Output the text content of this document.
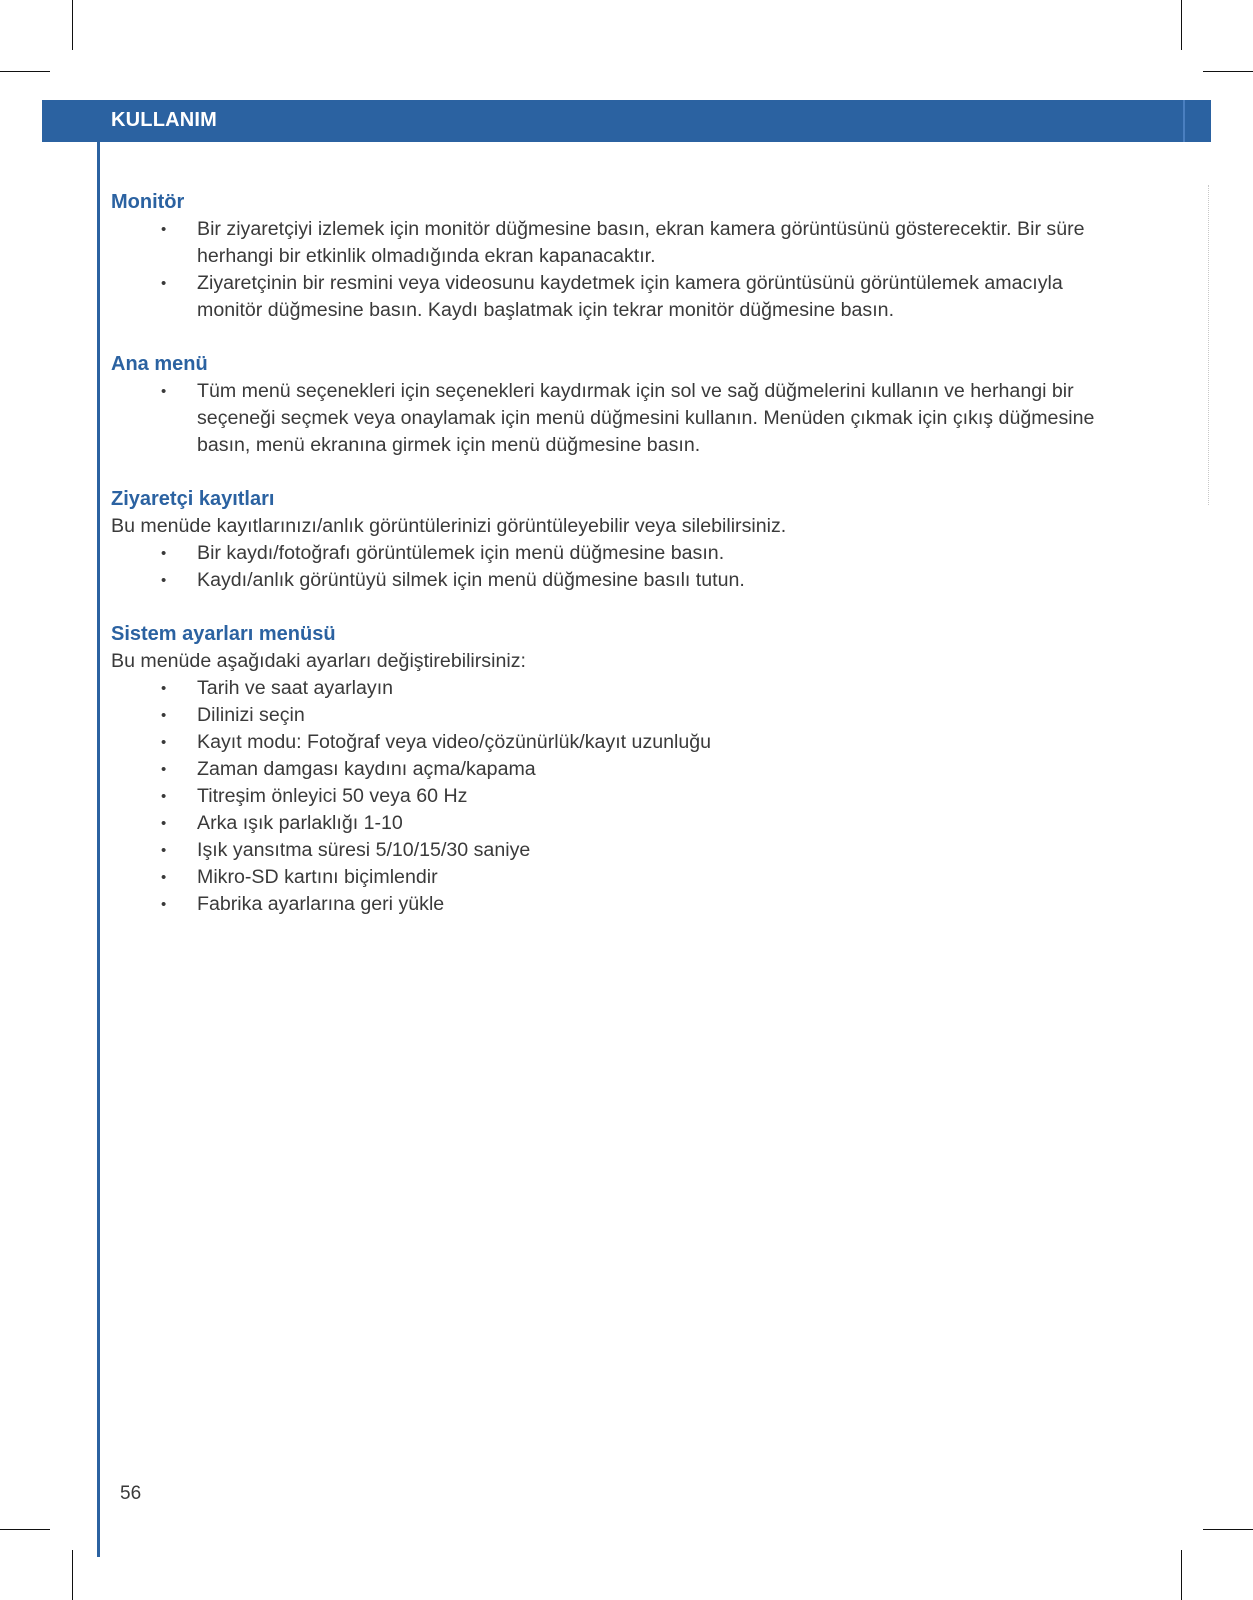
KULLANIM
Monitör
• Bir ziyaretçiyi izlemek için monitör düğmesine basın, ekran kamera görüntüsünü gösterecektir. Bir süre herhangi bir etkinlik olmadığında ekran kapanacaktır.
• Ziyaretçinin bir resmini veya videosunu kaydetmek için kamera görüntüsünü görüntülemek amacıyla monitör düğmesine basın. Kaydı başlatmak için tekrar monitör düğmesine basın.
Ana menü
• Tüm menü seçenekleri için seçenekleri kaydırmak için sol ve sağ düğmelerini kullanın ve herhangi bir seçeneği seçmek veya onaylamak için menü düğmesini kullanın. Menüden çıkmak için çıkış düğmesine basın, menü ekranına girmek için menü düğmesine basın.
Ziyaretçi kayıtları

Bu menüde kayıtlarınızı/anlık görüntülerinizi görüntüleyebilir veya silebilirsiniz.

• Bir kaydı/fotoğrafı görüntülemek için menü düğmesine basın.
• Kaydı/anlık görüntüyü silmek için menü düğmesine basılı tutun.
Sistem ayarları menüsü

Bu menüde aşağıdaki ayarları değiştirebilirsiniz:

• Tarih ve saat ayarlayın
• Dilinizi seçin
• Kayıt modu: Fotoğraf veya video/çözünürlük/kayıt uzunluğu
• Zaman damgası kaydını açma/kapama
• Titreşim önleyici 50 veya 60 Hz
• Arka ışık parlaklığı 1-10
• Işık yansıtma süresi 5/10/15/30 saniye
• Mikro-SD kartını biçimlendir
• Fabrika ayarlarına geri yükle

56
